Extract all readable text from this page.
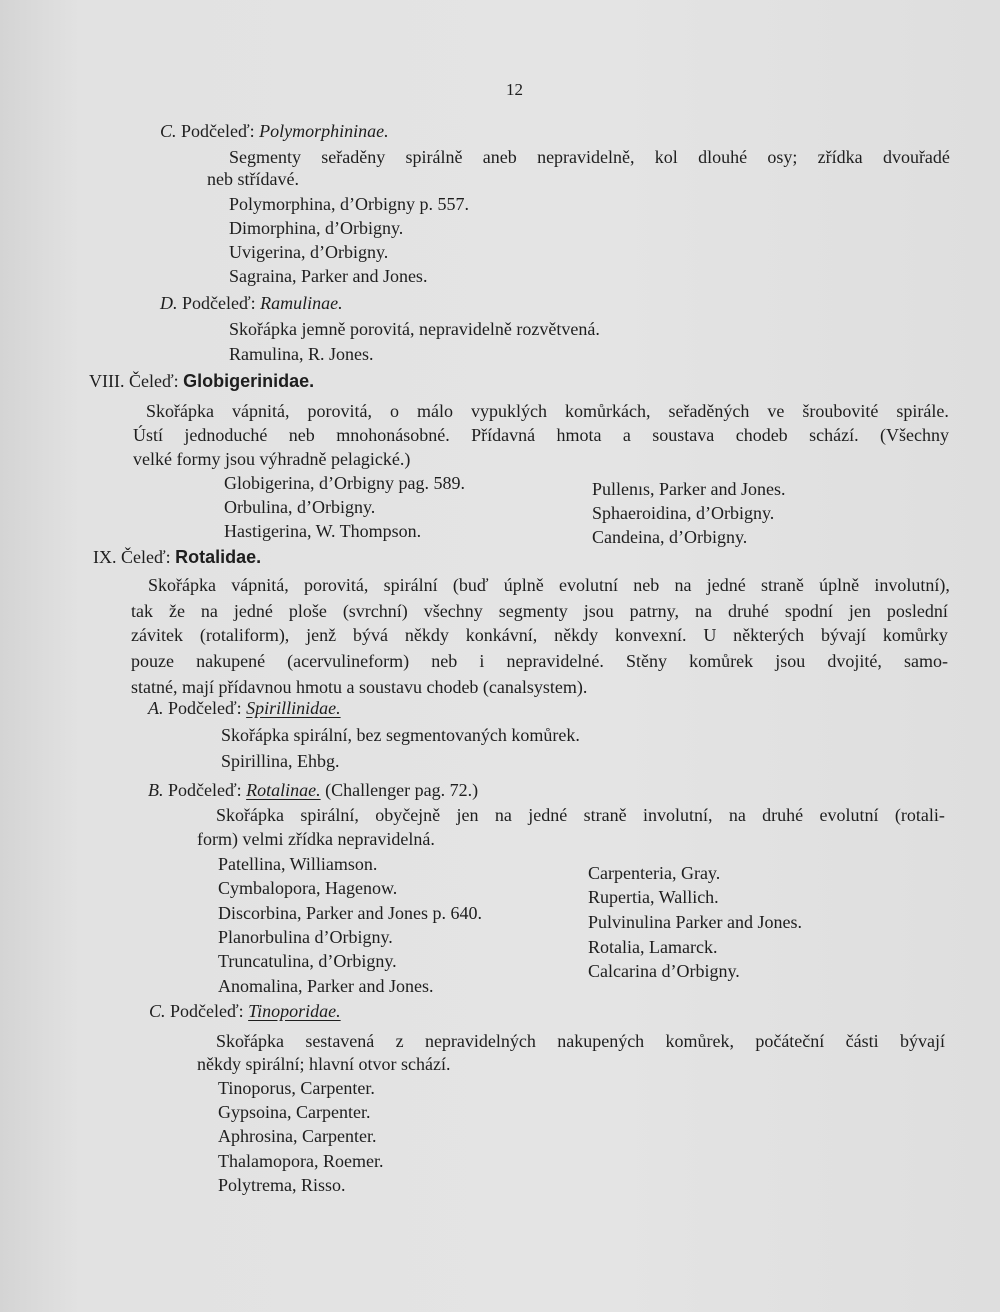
12
C. Podčeleď: Polymorphininae.
Segmenty seřaděny spirálně aneb nepravidelně, kol dlouhé osy; zřídka dvouřadé
neb střídavé.
Polymorphina, d’Orbigny p. 557.
Dimorphina, d’Orbigny.
Uvigerina, d’Orbigny.
Sagraina, Parker and Jones.
D. Podčeleď: Ramulinae.
Skořápka jemně porovitá, nepravidelně rozvětvená.
Ramulina, R. Jones.
VIII. Čeleď: Globigerinidae.
Skořápka vápnitá, porovitá, o málo vypuklých komůrkách, seřaděných ve šroubovité spirále.
Ústí jednoduché neb mnohonásobné. Přídavná hmota a soustava chodeb schází. (Všechny
velké formy jsou výhradně pelagické.)
Globigerina, d’Orbigny pag. 589.
Orbulina, d’Orbigny.
Hastigerina, W. Thompson.
Pullenıs, Parker and Jones.
Sphaeroidina, d’Orbigny.
Candeina, d’Orbigny.
IX. Čeleď: Rotalidae.
Skořápka vápnitá, porovitá, spirální (buď úplně evolutní neb na jedné straně úplně involutní),
tak že na jedné ploše (svrchní) všechny segmenty jsou patrny, na druhé spodní jen poslední
závitek (rotaliform), jenž bývá někdy konkávní, někdy konvexní. U některých bývají komůrky
pouze nakupené (acervulineform) neb i nepravidelné. Stěny komůrek jsou dvojité, samo-
statné, mají přídavnou hmotu a soustavu chodeb (canalsystem).
A. Podčeleď: Spirillinidae.
Skořápka spirální, bez segmentovaných komůrek.
Spirillina, Ehbg.
B. Podčeleď: Rotalinae. (Challenger pag. 72.)
Skořápka spirální, obyčejně jen na jedné straně involutní, na druhé evolutní (rotali-
form) velmi zřídka nepravidelná.
Patellina, Williamson.
Cymbalopora, Hagenow.
Discorbina, Parker and Jones p. 640.
Planorbulina d’Orbigny.
Truncatulina, d’Orbigny.
Anomalina, Parker and Jones.
Carpenteria, Gray.
Rupertia, Wallich.
Pulvinulina Parker and Jones.
Rotalia, Lamarck.
Calcarina d’Orbigny.
C. Podčeleď: Tinoporidae.
Skořápka sestavená z nepravidelných nakupených komůrek, počáteční části bývají
někdy spirální; hlavní otvor schází.
Tinoporus, Carpenter.
Gypsoina, Carpenter.
Aphrosina, Carpenter.
Thalamopora, Roemer.
Polytrema, Risso.
